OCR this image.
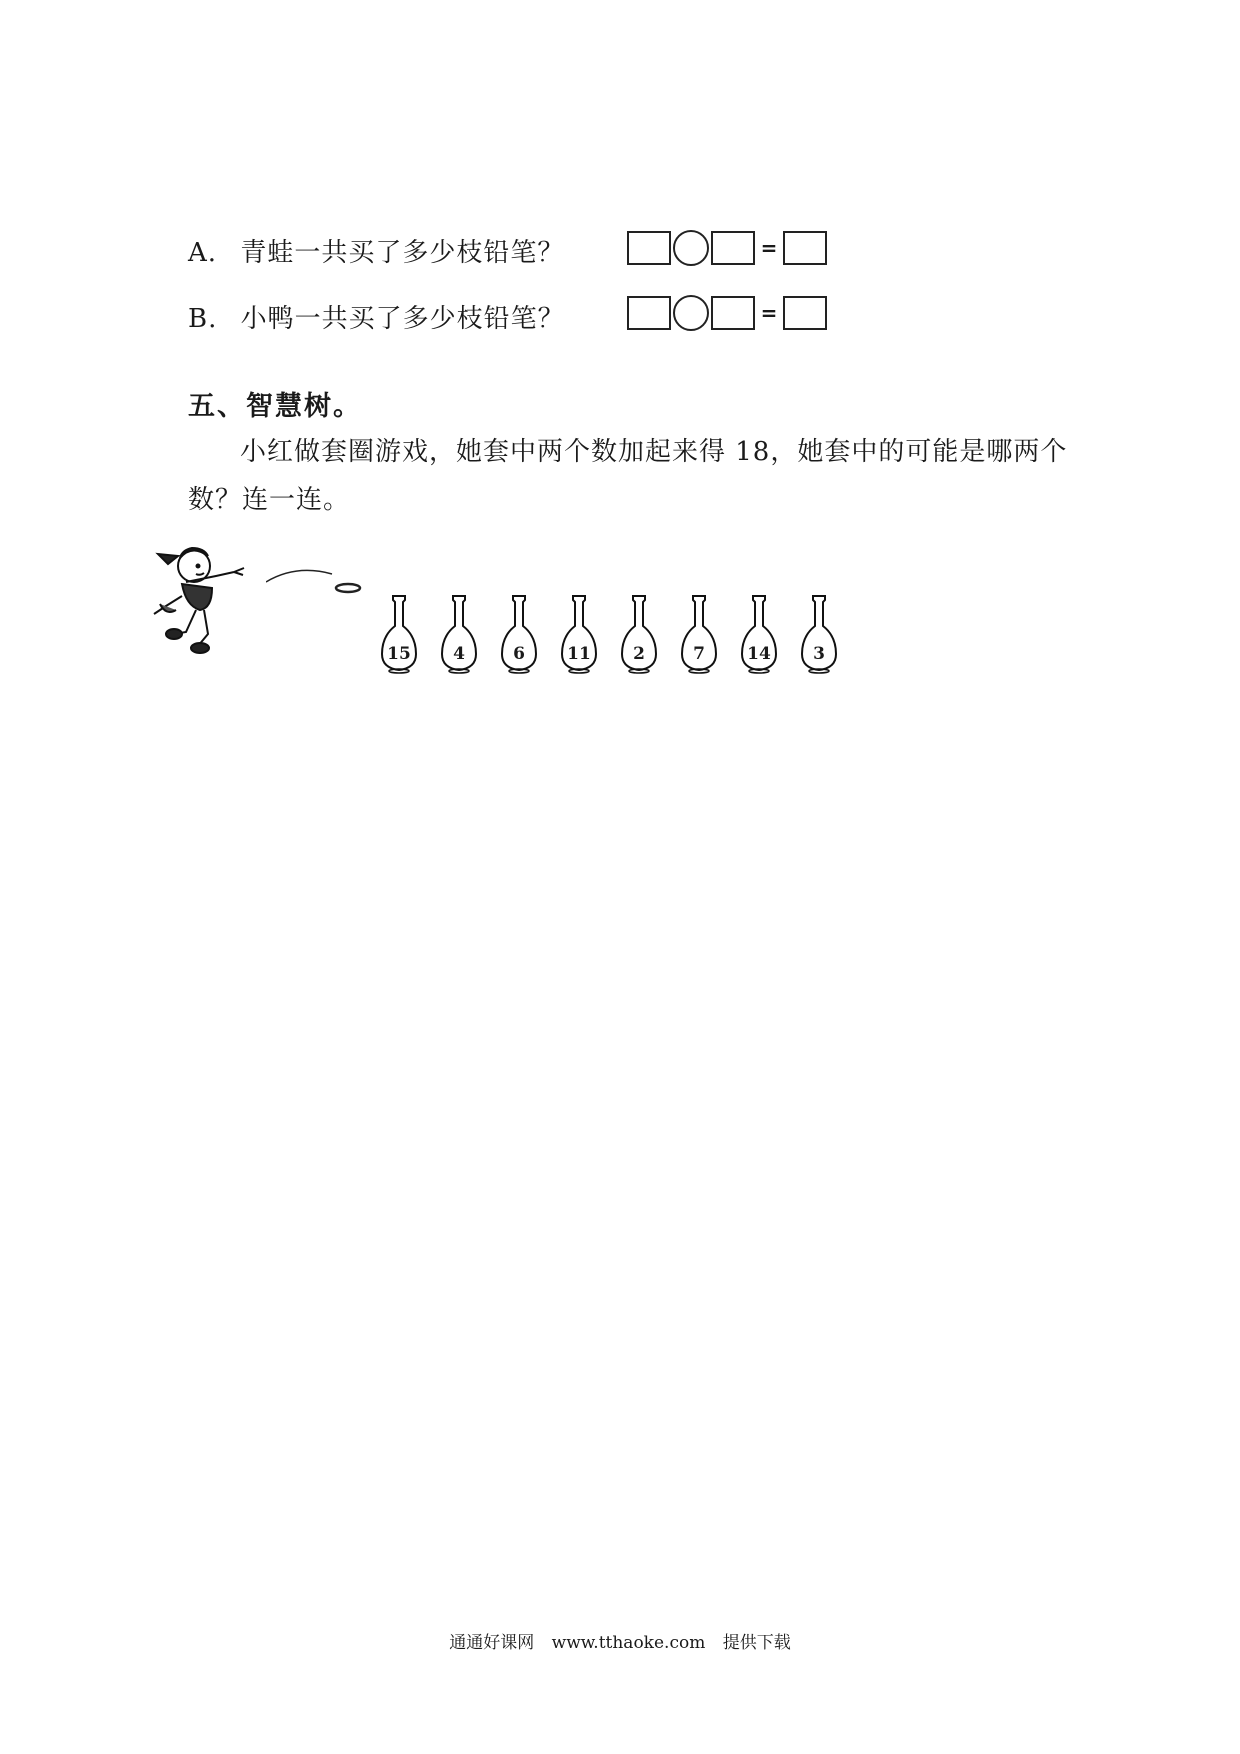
A. 青蛙一共买了多少枝铅笔？	=
B. 小鸭一共买了多少枝铅笔？	=
五、智慧树。
小红做套圈游戏，她套中两个数加起来得 18，她套中的可能是哪两个数？连一连。
15	4	6	11	2	7	14	3
通通好课网 www.tthaoke.com 提供下载
